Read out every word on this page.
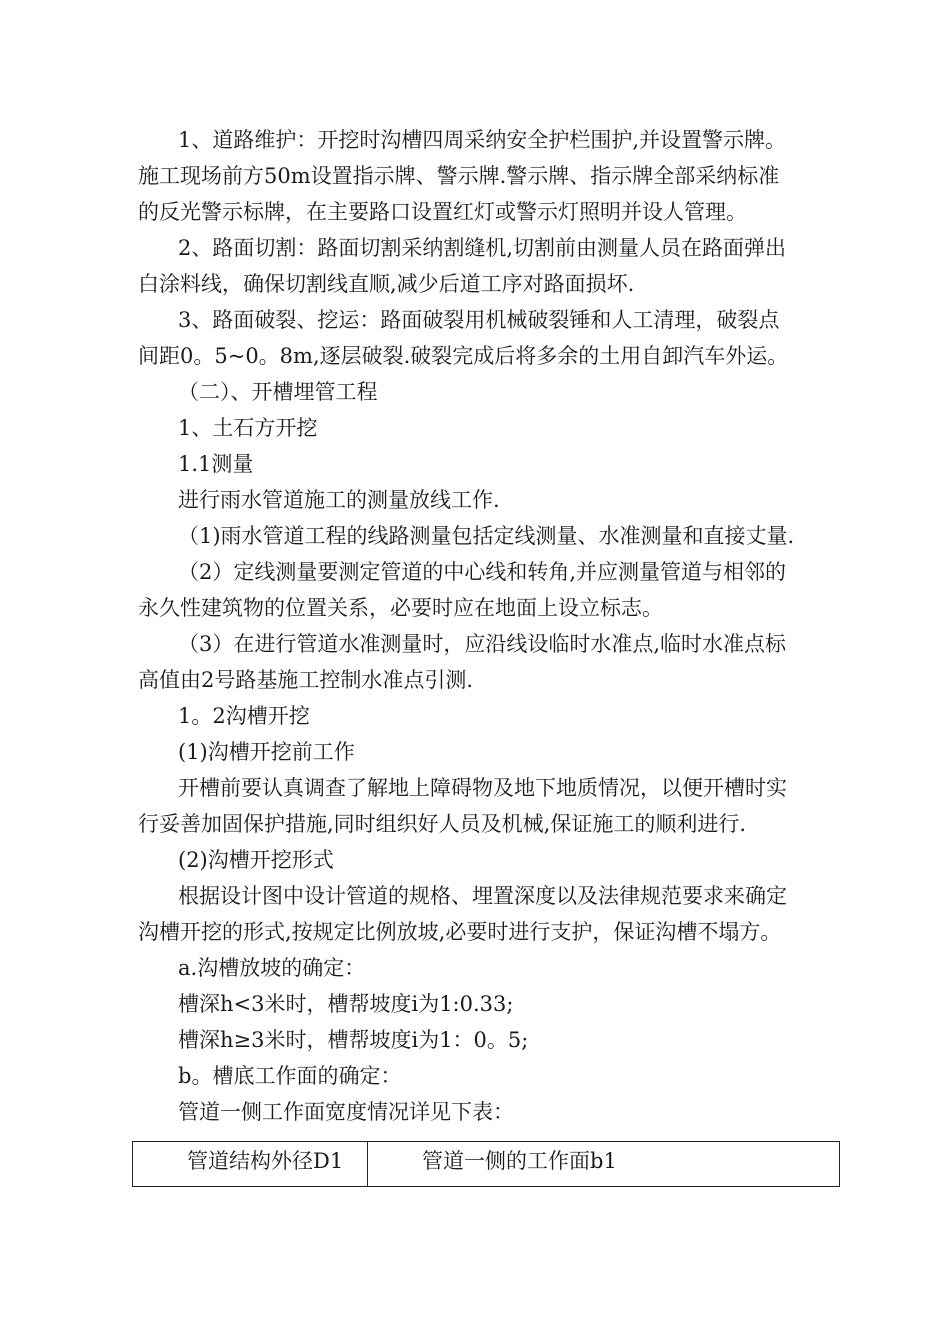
1、道路维护：开挖时沟槽四周采纳安全护栏围护,并设置警示牌。
施工现场前方50m设置指示牌、警示牌.警示牌、指示牌全部采纳标准
的反光警示标牌，在主要路口设置红灯或警示灯照明并设人管理。
2、路面切割：路面切割采纳割缝机,切割前由测量人员在路面弹出
白涂料线，确保切割线直顺,减少后道工序对路面损坏.
3、路面破裂、挖运：路面破裂用机械破裂锤和人工清理，破裂点
间距0。5~0。8m,逐层破裂.破裂完成后将多余的土用自卸汽车外运。
（二）、开槽埋管工程
1、土石方开挖
1.1测量
进行雨水管道施工的测量放线工作.
（1)雨水管道工程的线路测量包括定线测量、水准测量和直接丈量.
（2）定线测量要测定管道的中心线和转角,并应测量管道与相邻的
永久性建筑物的位置关系，必要时应在地面上设立标志。
（3）在进行管道水准测量时，应沿线设临时水准点,临时水准点标
高值由2号路基施工控制水准点引测.
1。2沟槽开挖
(1)沟槽开挖前工作
开槽前要认真调查了解地上障碍物及地下地质情况，以便开槽时实
行妥善加固保护措施,同时组织好人员及机械,保证施工的顺利进行.
(2)沟槽开挖形式
根据设计图中设计管道的规格、埋置深度以及法律规范要求来确定
沟槽开挖的形式,按规定比例放坡,必要时进行支护，保证沟槽不塌方。
a.沟槽放坡的确定：
槽深h<3米时，槽帮坡度i为1:0.33;
槽深h≥3米时，槽帮坡度i为1：0。5;
b。槽底工作面的确定：
管道一侧工作面宽度情况详见下表：
管道结构外径D1	管道一侧的工作面b1
